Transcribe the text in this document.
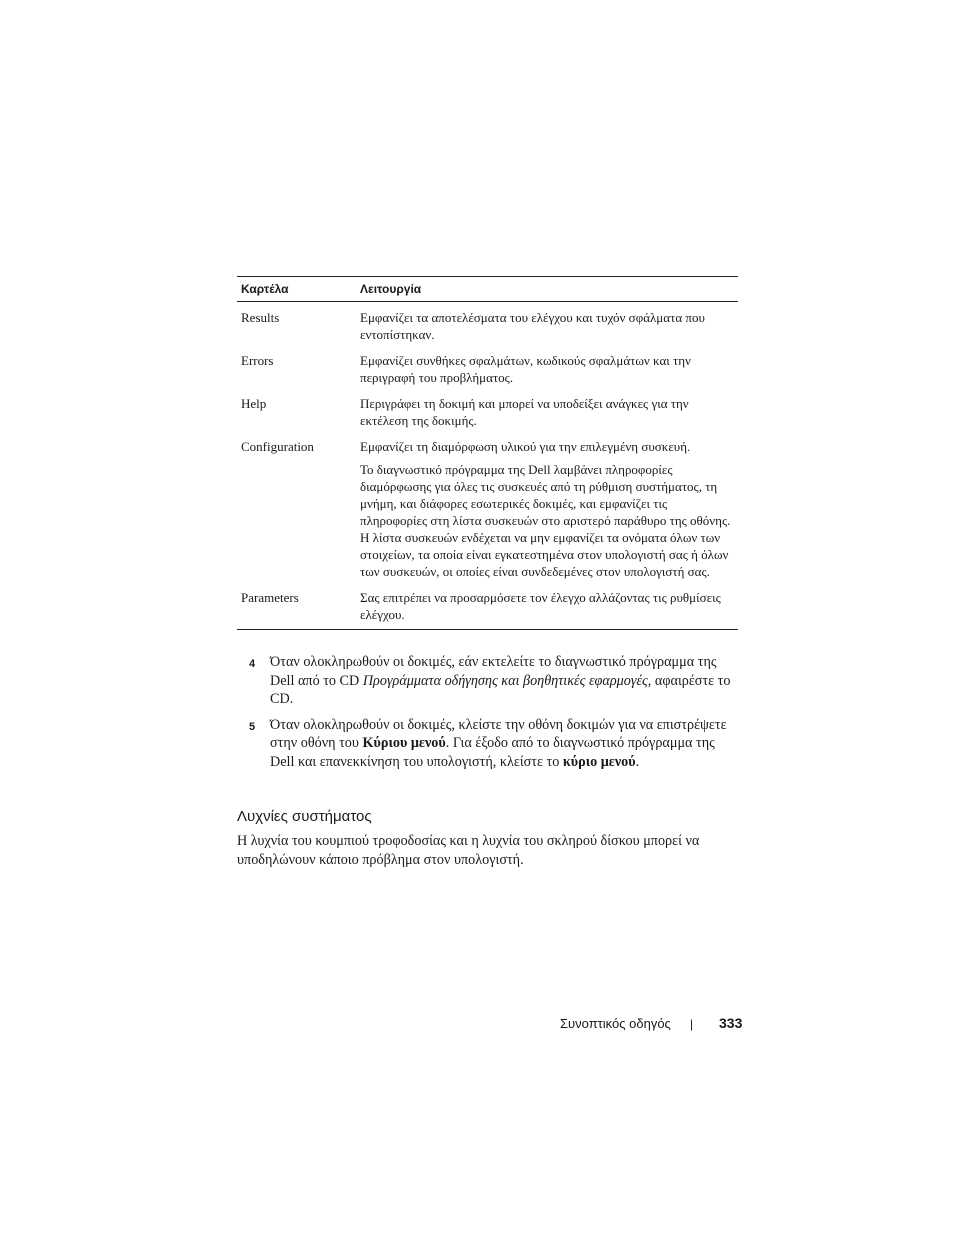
Καρτέλα	Λειτουργία
Results	Εμφανίζει τα αποτελέσματα του ελέγχου και τυχόν σφάλματα που εντοπίστηκαν.
Errors	Εμφανίζει συνθήκες σφαλμάτων, κωδικούς σφαλμάτων και την περιγραφή του προβλήματος.
Help	Περιγράφει τη δοκιμή και μπορεί να υποδείξει ανάγκες για την εκτέλεση της δοκιμής.
Configuration	Εμφανίζει τη διαμόρφωση υλικού για την επιλεγμένη συσκευή.
Το διαγνωστικό πρόγραμμα της Dell λαμβάνει πληροφορίες διαμόρφωσης για όλες τις συσκευές από τη ρύθμιση συστήματος, τη μνήμη, και διάφορες εσωτερικές δοκιμές, και εμφανίζει τις πληροφορίες στη λίστα συσκευών στο αριστερό παράθυρο της οθόνης. Η λίστα συσκευών ενδέχεται να μην εμφανίζει τα ονόματα όλων των στοιχείων, τα οποία είναι εγκατεστημένα στον υπολογιστή σας ή όλων των συσκευών, οι οποίες είναι συνδεδεμένες στον υπολογιστή σας.
Parameters	Σας επιτρέπει να προσαρμόσετε τον έλεγχο αλλάζοντας τις ρυθμίσεις ελέγχου.
4	Όταν ολοκληρωθούν οι δοκιμές, εάν εκτελείτε το διαγνωστικό πρόγραμμα της Dell από το CD Προγράμματα οδήγησης και βοηθητικές εφαρμογές, αφαιρέστε το CD.
5	Όταν ολοκληρωθούν οι δοκιμές, κλείστε την οθόνη δοκιμών για να επιστρέψετε στην οθόνη του Κύριου μενού. Για έξοδο από το διαγνωστικό πρόγραμμα της Dell και επανεκκίνηση του υπολογιστή, κλείστε το κύριο μενού.
Λυχνίες συστήματος

Η λυχνία του κουμπιού τροφοδοσίας και η λυχνία του σκληρού δίσκου μπορεί να υποδηλώνουν κάποιο πρόβλημα στον υπολογιστή.

Συνοπτικός οδηγός | 333
